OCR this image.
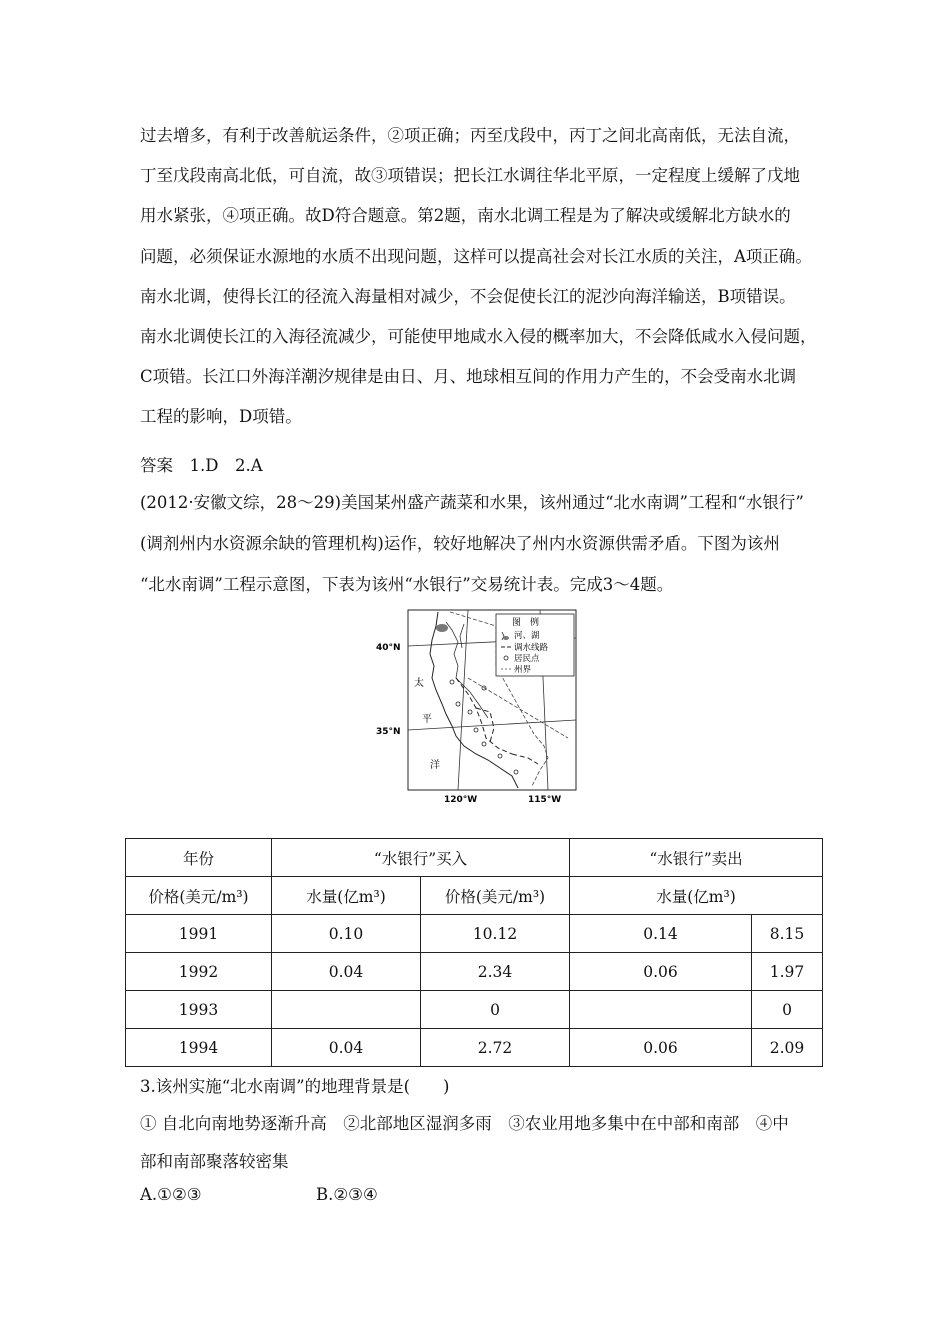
过去增多，有利于改善航运条件，②项正确；丙至戊段中，丙丁之间北高南低，无法自流，
丁至戊段南高北低，可自流，故③项错误；把长江水调往华北平原，一定程度上缓解了戊地
用水紧张，④项正确。故D符合题意。第2题，南水北调工程是为了解决或缓解北方缺水的
问题，必须保证水源地的水质不出现问题，这样可以提高社会对长江水质的关注，A项正确。
南水北调，使得长江的径流入海量相对减少，不会促使长江的泥沙向海洋输送，B项错误。
南水北调使长江的入海径流减少，可能使甲地咸水入侵的概率加大，不会降低咸水入侵问题，
C项错。长江口外海洋潮汐规律是由日、月、地球相互间的作用力产生的，不会受南水北调
工程的影响，D项错。
答案　1.D　2.A
(2012·安徽文综，28～29)美国某州盛产蔬菜和水果，该州通过“北水南调”工程和“水银行”
(调剂州内水资源余缺的管理机构)运作，较好地解决了州内水资源供需矛盾。下图为该州
“北水南调”工程示意图，下表为该州“水银行”交易统计表。完成3～4题。
图　例
河、湖
调水线路
居民点
州界
40°N
35°N
120°W	115°W
太
平
洋
年份	“水银行”买入		“水银行”卖出	
价格(美元/m³)	水量(亿m³)	价格(美元/m³)	水量(亿m³)	
1991	0.10	10.12	0.14	8.15
1992	0.04	2.34	0.06	1.97
1993		0		0
1994	0.04	2.72	0.06	2.09
3.该州实施“北水南调”的地理背景是(　　)
① 自北向南地势逐渐升高　②北部地区湿润多雨　③农业用地多集中在中部和南部　④中
部和南部聚落较密集
A.①②③	B.②③④
